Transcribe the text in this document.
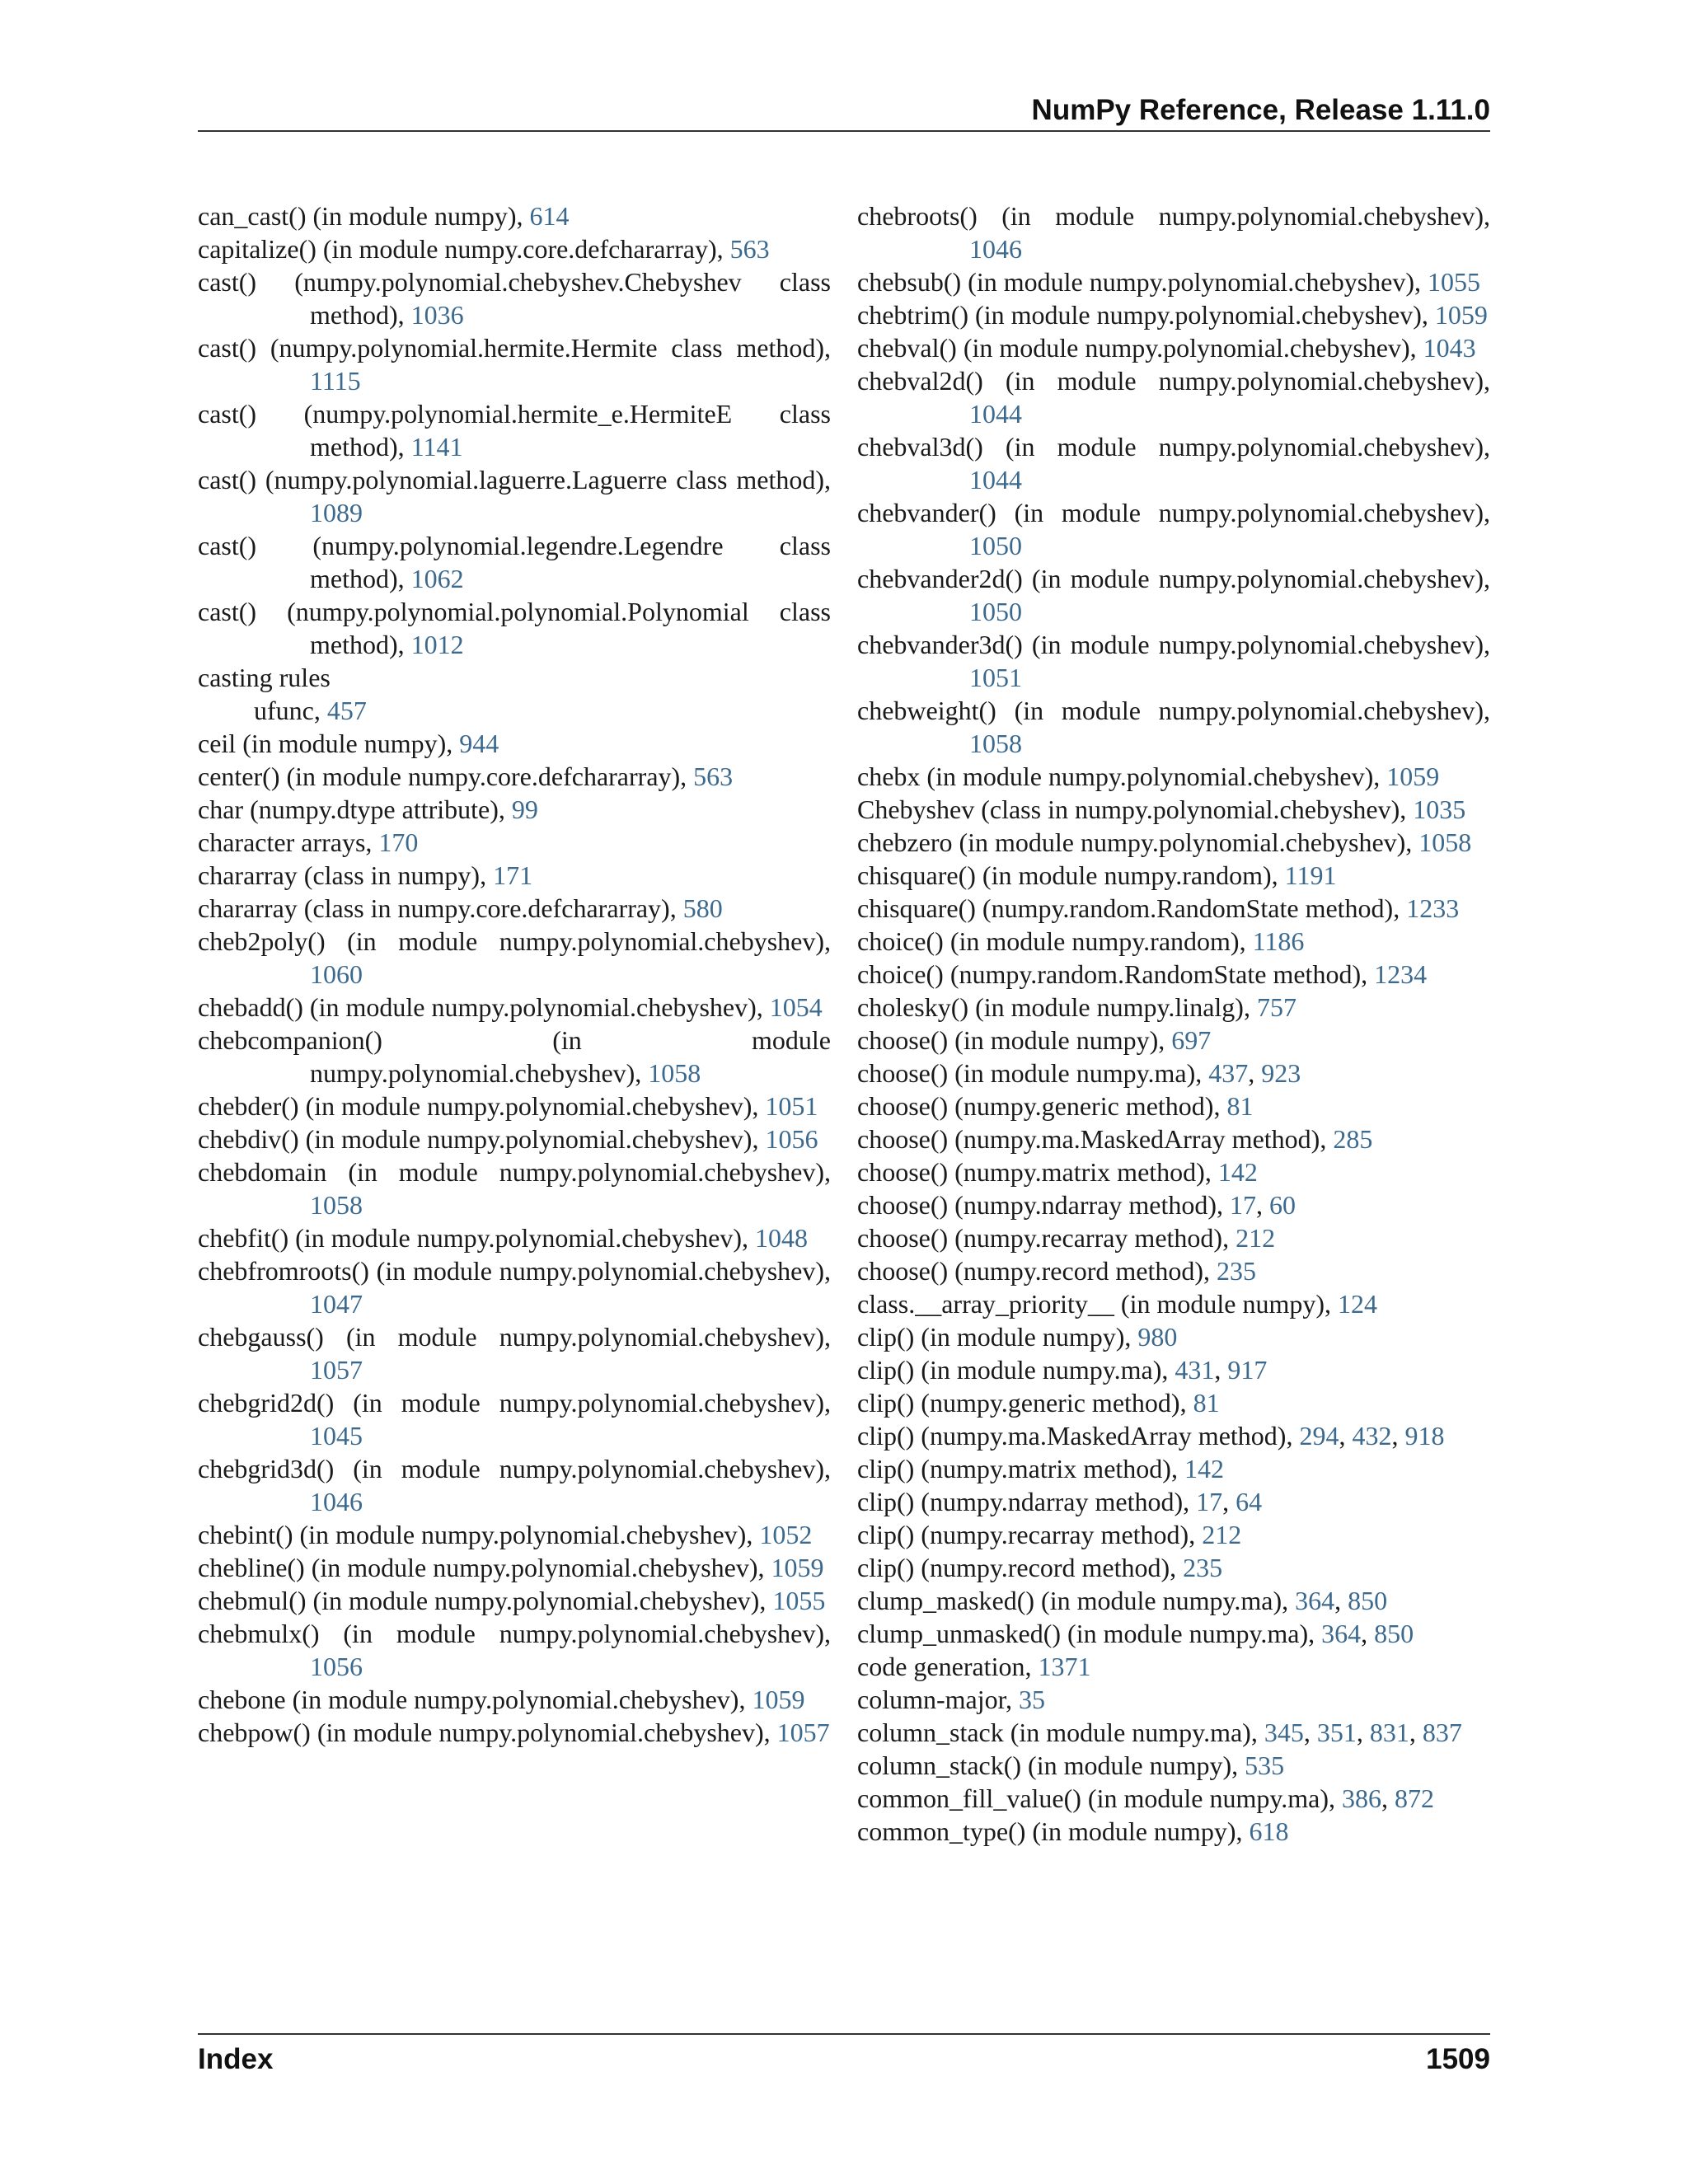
NumPy Reference, Release 1.11.0
can_cast() (in module numpy), 614
capitalize() (in module numpy.core.defchararray), 563
cast() (numpy.polynomial.chebyshev.Chebyshev class method), 1036
cast() (numpy.polynomial.hermite.Hermite class method), 1115
cast() (numpy.polynomial.hermite_e.HermiteE class method), 1141
cast() (numpy.polynomial.laguerre.Laguerre class method), 1089
cast() (numpy.polynomial.legendre.Legendre class method), 1062
cast() (numpy.polynomial.polynomial.Polynomial class method), 1012
casting rules
ufunc, 457
ceil (in module numpy), 944
center() (in module numpy.core.defchararray), 563
char (numpy.dtype attribute), 99
character arrays, 170
chararray (class in numpy), 171
chararray (class in numpy.core.defchararray), 580
cheb2poly() (in module numpy.polynomial.chebyshev), 1060
chebadd() (in module numpy.polynomial.chebyshev), 1054
chebcompanion() (in module numpy.polynomial.chebyshev), 1058
chebder() (in module numpy.polynomial.chebyshev), 1051
chebdiv() (in module numpy.polynomial.chebyshev), 1056
chebdomain (in module numpy.polynomial.chebyshev), 1058
chebfit() (in module numpy.polynomial.chebyshev), 1048
chebfromroots() (in module numpy.polynomial.chebyshev), 1047
chebgauss() (in module numpy.polynomial.chebyshev), 1057
chebgrid2d() (in module numpy.polynomial.chebyshev), 1045
chebgrid3d() (in module numpy.polynomial.chebyshev), 1046
chebint() (in module numpy.polynomial.chebyshev), 1052
chebline() (in module numpy.polynomial.chebyshev), 1059
chebmul() (in module numpy.polynomial.chebyshev), 1055
chebmulx() (in module numpy.polynomial.chebyshev), 1056
chebone (in module numpy.polynomial.chebyshev), 1059
chebpow() (in module numpy.polynomial.chebyshev), 1057
chebroots() (in module numpy.polynomial.chebyshev), 1046
chebsub() (in module numpy.polynomial.chebyshev), 1055
chebtrim() (in module numpy.polynomial.chebyshev), 1059
chebval() (in module numpy.polynomial.chebyshev), 1043
chebval2d() (in module numpy.polynomial.chebyshev), 1044
chebval3d() (in module numpy.polynomial.chebyshev), 1044
chebvander() (in module numpy.polynomial.chebyshev), 1050
chebvander2d() (in module numpy.polynomial.chebyshev), 1050
chebvander3d() (in module numpy.polynomial.chebyshev), 1051
chebweight() (in module numpy.polynomial.chebyshev), 1058
chebx (in module numpy.polynomial.chebyshev), 1059
Chebyshev (class in numpy.polynomial.chebyshev), 1035
chebzero (in module numpy.polynomial.chebyshev), 1058
chisquare() (in module numpy.random), 1191
chisquare() (numpy.random.RandomState method), 1233
choice() (in module numpy.random), 1186
choice() (numpy.random.RandomState method), 1234
cholesky() (in module numpy.linalg), 757
choose() (in module numpy), 697
choose() (in module numpy.ma), 437, 923
choose() (numpy.generic method), 81
choose() (numpy.ma.MaskedArray method), 285
choose() (numpy.matrix method), 142
choose() (numpy.ndarray method), 17, 60
choose() (numpy.recarray method), 212
choose() (numpy.record method), 235
class.__array_priority__ (in module numpy), 124
clip() (in module numpy), 980
clip() (in module numpy.ma), 431, 917
clip() (numpy.generic method), 81
clip() (numpy.ma.MaskedArray method), 294, 432, 918
clip() (numpy.matrix method), 142
clip() (numpy.ndarray method), 17, 64
clip() (numpy.recarray method), 212
clip() (numpy.record method), 235
clump_masked() (in module numpy.ma), 364, 850
clump_unmasked() (in module numpy.ma), 364, 850
code generation, 1371
column-major, 35
column_stack (in module numpy.ma), 345, 351, 831, 837
column_stack() (in module numpy), 535
common_fill_value() (in module numpy.ma), 386, 872
common_type() (in module numpy), 618
Index	1509
